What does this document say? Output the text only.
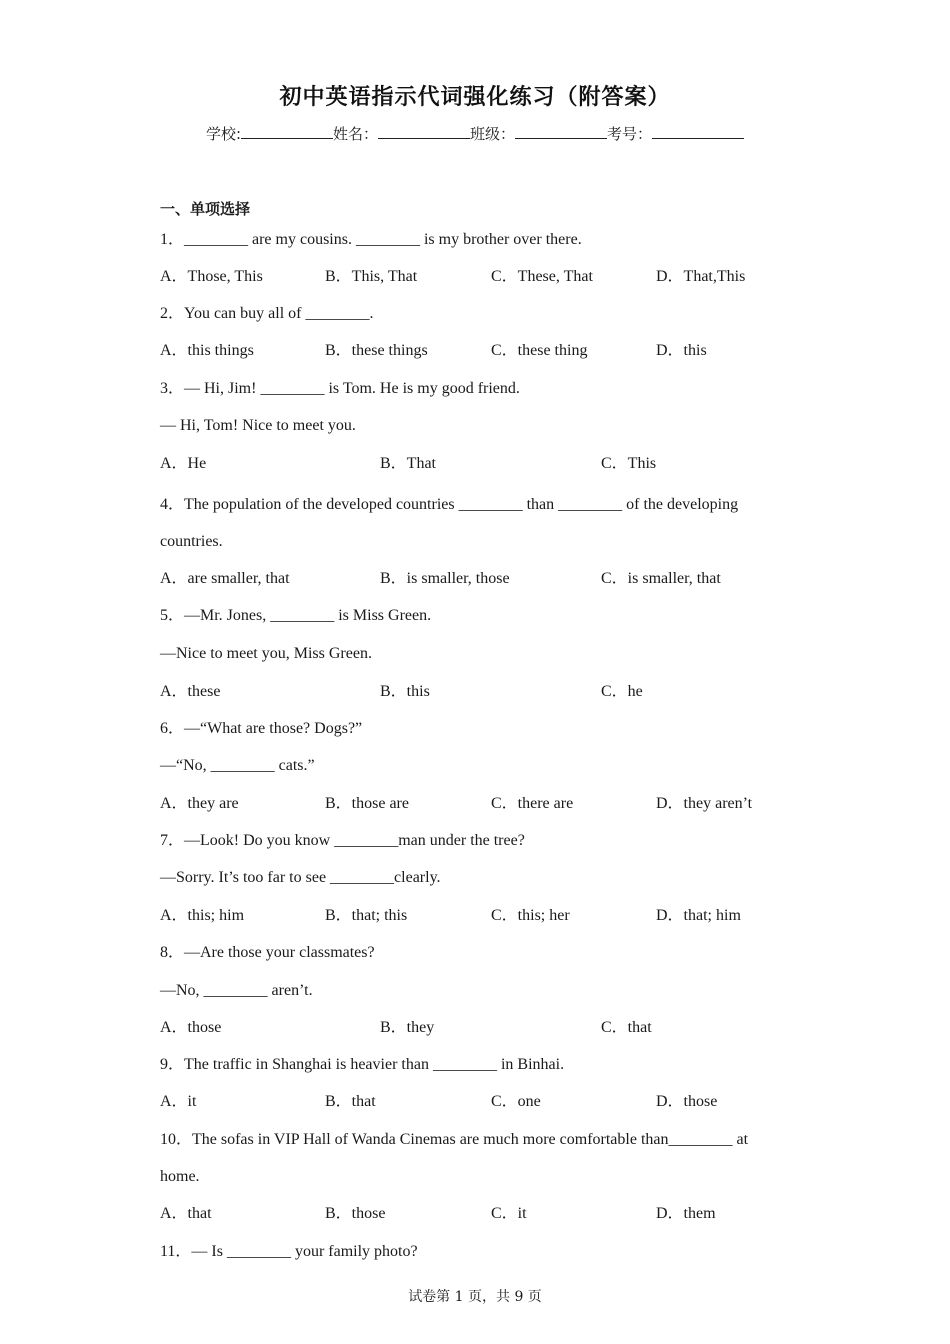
初中英语指示代词强化练习（附答案）
学校:	姓名：	班级：	考号：
一、单项选择
1．________ are my cousins. ________ is my brother over there.
A．Those, This	B．This, That	C．These, That	D．That,This
2．You can buy all of ________.
A．this things	B．these things	C．these thing	D．this
3．— Hi, Jim! ________ is Tom. He is my good friend.
— Hi, Tom! Nice to meet you.
A．He	B．That	C．This
4．The population of the developed countries ________ than ________ of the developing
countries.
A．are smaller, that	B．is smaller, those	C．is smaller, that
5．—Mr. Jones, ________ is Miss Green.
—Nice to meet you, Miss Green.
A．these	B．this	C．he
6．—“What are those? Dogs?”
—“No, ________ cats.”
A．they are	B．those are	C．there are	D．they aren’t
7．—Look! Do you know ________man under the tree?
—Sorry. It’s too far to see ________clearly.
A．this; him	B．that; this	C．this; her	D．that; him
8．—Are those your classmates?
—No, ________ aren’t.
A．those	B．they	C．that
9．The traffic in Shanghai is heavier than ________ in Binhai.
A．it	B．that	C．one	D．those
10．The sofas in VIP Hall of Wanda Cinemas are much more comfortable than________ at
home.
A．that	B．those	C．it	D．them
11．— Is ________ your family photo?
试卷第 1 页，共 9 页
